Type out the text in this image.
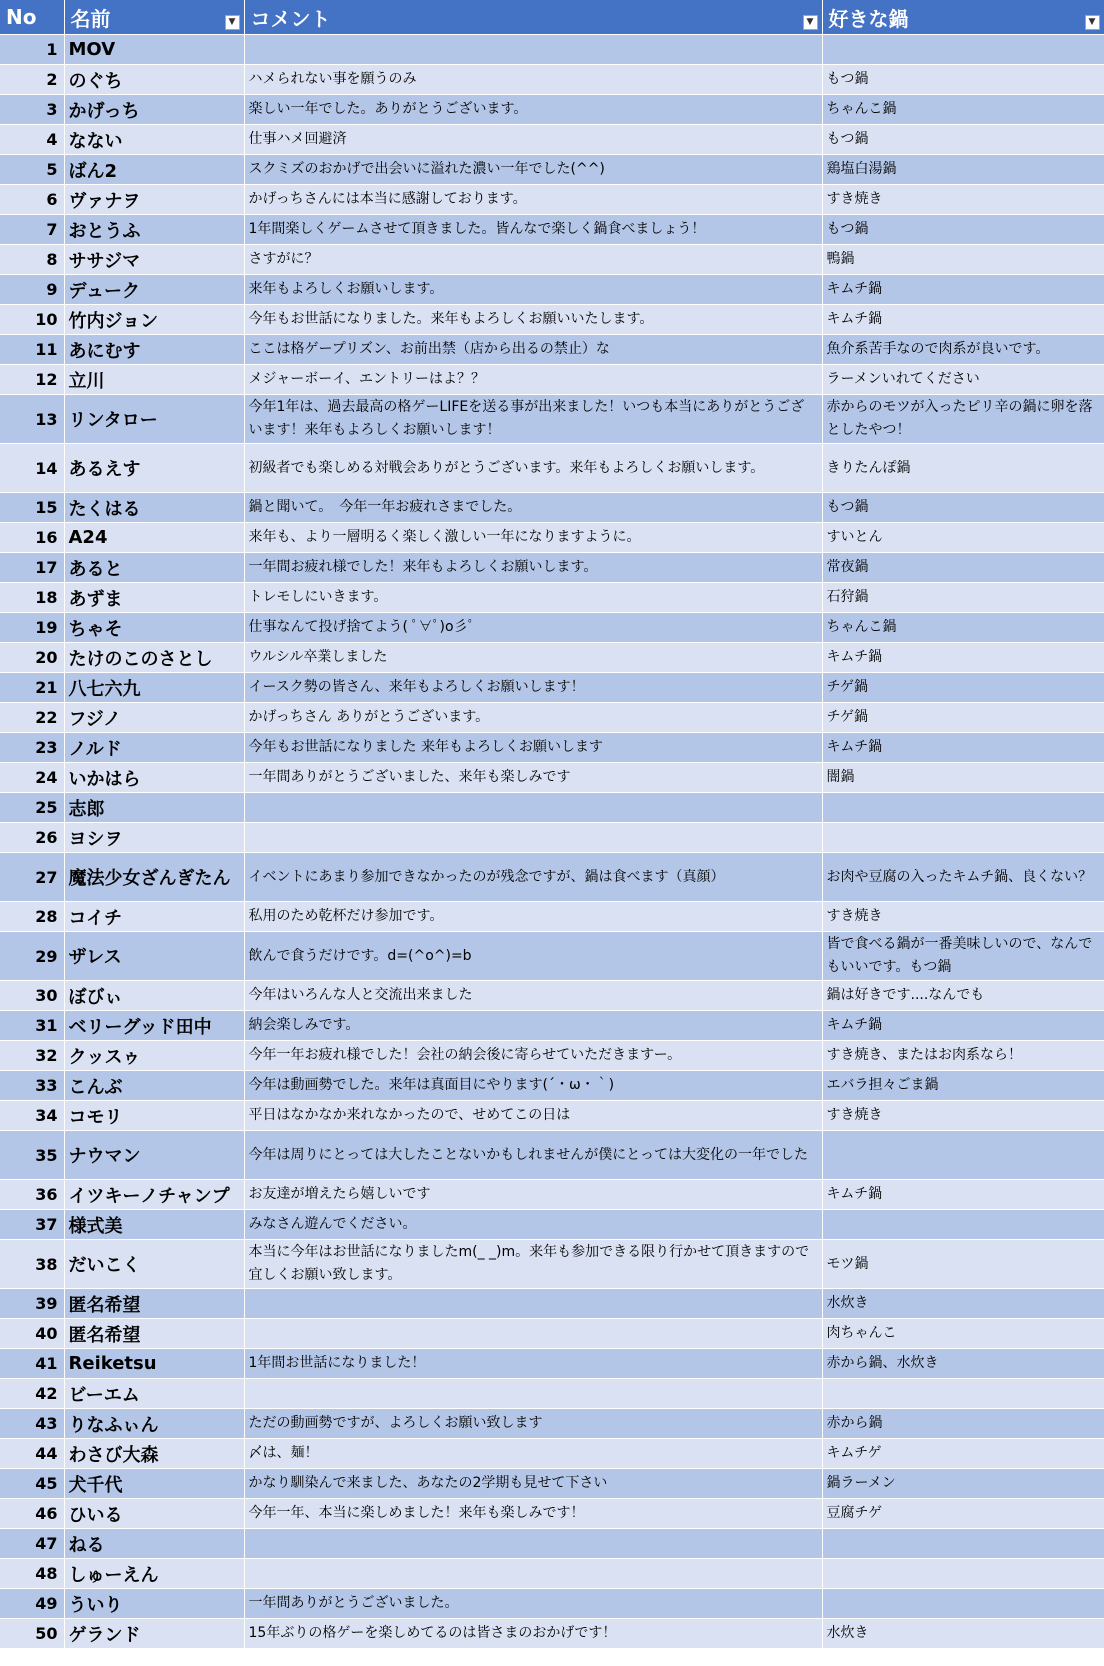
No	名前 ▼	コメント ▼	好きな鍋 ▼

1	MOV		
2	のぐち	ハメられない事を願うのみ	もつ鍋
3	かげっち	楽しい一年でした。ありがとうございます。	ちゃんこ鍋
4	なない	仕事ハメ回避済	もつ鍋
5	ばん2	スクミズのおかげで出会いに溢れた濃い一年でした(^^)	鶏塩白湯鍋
6	ヴァナヲ	かげっちさんには本当に感謝しております。	すき焼き
7	おとうふ	1年間楽しくゲームさせて頂きました。皆んなで楽しく鍋食べましょう！	もつ鍋
8	ササジマ	さすがに？	鴨鍋
9	デューク	来年もよろしくお願いします。	キムチ鍋
10	竹内ジョン	今年もお世話になりました。来年もよろしくお願いいたします。	キムチ鍋
11	あにむす	ここは格ゲープリズン、お前出禁（店から出るの禁止）な	魚介系苦手なので肉系が良いです。
12	立川	メジャーボーイ、エントリーはよ？？	ラーメンいれてください
13	リンタロー	今年1年は、過去最高の格ゲーLIFEを送る事が出来ました！いつも本当にありがとうございます！来年もよろしくお願いします！	赤からのモツが入ったピリ辛の鍋に卵を落としたやつ！
14	あるえす	初級者でも楽しめる対戦会ありがとうございます。来年もよろしくお願いします。	きりたんぽ鍋
15	たくはる	鍋と聞いて。　今年一年お疲れさまでした。	もつ鍋
16	A24	来年も、より一層明るく楽しく激しい一年になりますように。	すいとん
17	あると	一年間お疲れ様でした！来年もよろしくお願いします。	常夜鍋
18	あずま	トレモしにいきます。	石狩鍋
19	ちゃそ	仕事なんて投げ捨てよう( ﾟ∀ﾟ)o彡ﾟ	ちゃんこ鍋
20	たけのこのさとし	ウルシル卒業しました	キムチ鍋
21	八七六九	イースク勢の皆さん、来年もよろしくお願いします！	チゲ鍋
22	フジノ	かげっちさん ありがとうございます。	チゲ鍋
23	ノルド	今年もお世話になりました 来年もよろしくお願いします	キムチ鍋
24	いかはら	一年間ありがとうございました、来年も楽しみです	闇鍋
25	志郎		
26	ヨシヲ		
27	魔法少女ざんぎたん	イベントにあまり参加できなかったのが残念ですが、鍋は食べます（真顔）	お肉や豆腐の入ったキムチ鍋、良くない？
28	コイチ	私用のため乾杯だけ参加です。	すき焼き
29	ザレス	飲んで食うだけです。d=(^o^)=b	皆で食べる鍋が一番美味しいので、なんでもいいです。もつ鍋
30	ぼびぃ	今年はいろんな人と交流出来ました	鍋は好きです....なんでも
31	ベリーグッド田中	納会楽しみです。	キムチ鍋
32	クッスゥ	今年一年お疲れ様でした！会社の納会後に寄らせていただきますー。	すき焼き、またはお肉系なら！
33	こんぶ	今年は動画勢でした。来年は真面目にやります(´・ω・｀)	エバラ担々ごま鍋
34	コモリ	平日はなかなか来れなかったので、せめてこの日は	すき焼き
35	ナウマン	今年は周りにとっては大したことないかもしれませんが僕にとっては大変化の一年でした	
36	イツキーノチャンプ	お友達が増えたら嬉しいです	キムチ鍋
37	様式美	みなさん遊んでください。	
38	だいこく	本当に今年はお世話になりましたm(_ _)m。来年も参加できる限り行かせて頂きますので宜しくお願い致します。	モツ鍋
39	匿名希望		水炊き
40	匿名希望		肉ちゃんこ
41	Reiketsu	1年間お世話になりました！	赤から鍋、水炊き
42	ビーエム		
43	りなふぃん	ただの動画勢ですが、よろしくお願い致します	赤から鍋
44	わさび大森	〆は、麺！	キムチゲ
45	犬千代	かなり馴染んで来ました、あなたの2学期も見せて下さい	鍋ラーメン
46	ひいる	今年一年、本当に楽しめました！来年も楽しみです！	豆腐チゲ
47	ねる		
48	しゅーえん		
49	ういり	一年間ありがとうございました。	
50	ゲランド	15年ぶりの格ゲーを楽しめてるのは皆さまのおかげです！	水炊き
